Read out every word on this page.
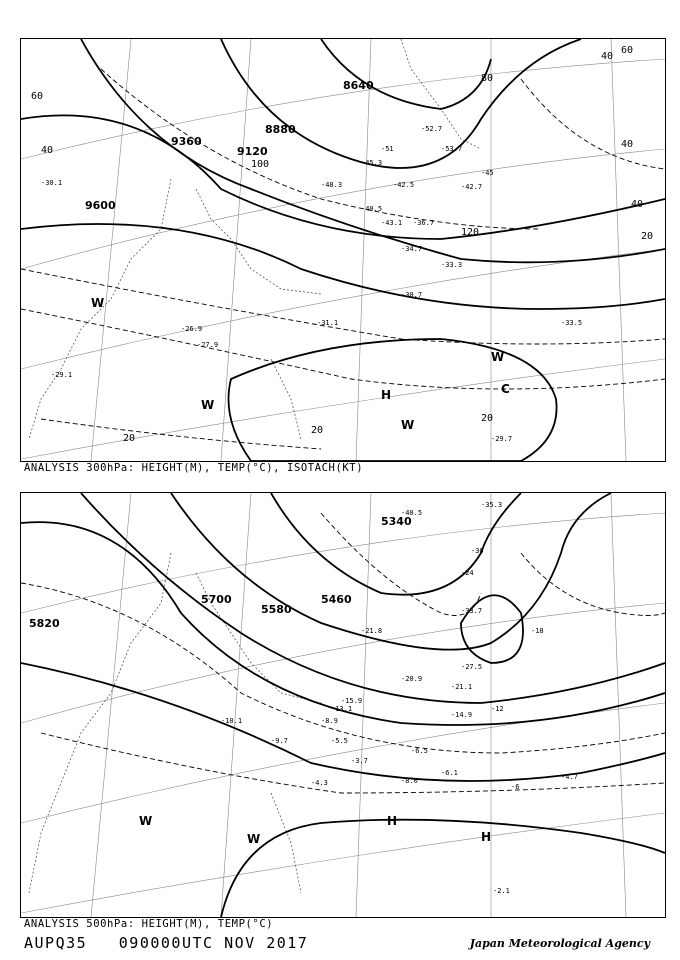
9600
9360
9120
8880
8640
40
60
80
100
120
20
60
40
20
40
20
40
20
-30.1
-26.9
-27.9
-29.1
-31.1
-30.7
-33.3
-34.7
-36.7
-40.5
-43.1
-48.3
-51	-53.7
-52.7
-45
-42.7
-29.7
-33.5
-45.3
-42.5
H
W
W
W
W
C
ANALYSIS 300hPa: HEIGHT(M), TEMP(°C), ISOTACH(KT)
5820
5700
5580
5460
5340
-12
-18
-30
-24
-6
-6.1	-4.7
-2.1
-8.0
-3.7
-4.3
-10.1
-13.1
-20.9
-21.1
-27.5
-33.7
-35.3
-40.5
-15.9
-9.7	-5.5
-8.9
-14.9
-21.8
-6.5
H
H
W
W
ANALYSIS 500hPa: HEIGHT(M), TEMP(°C)
AUPQ35 090000UTC NOV 2017	Japan Meteorological Agency
